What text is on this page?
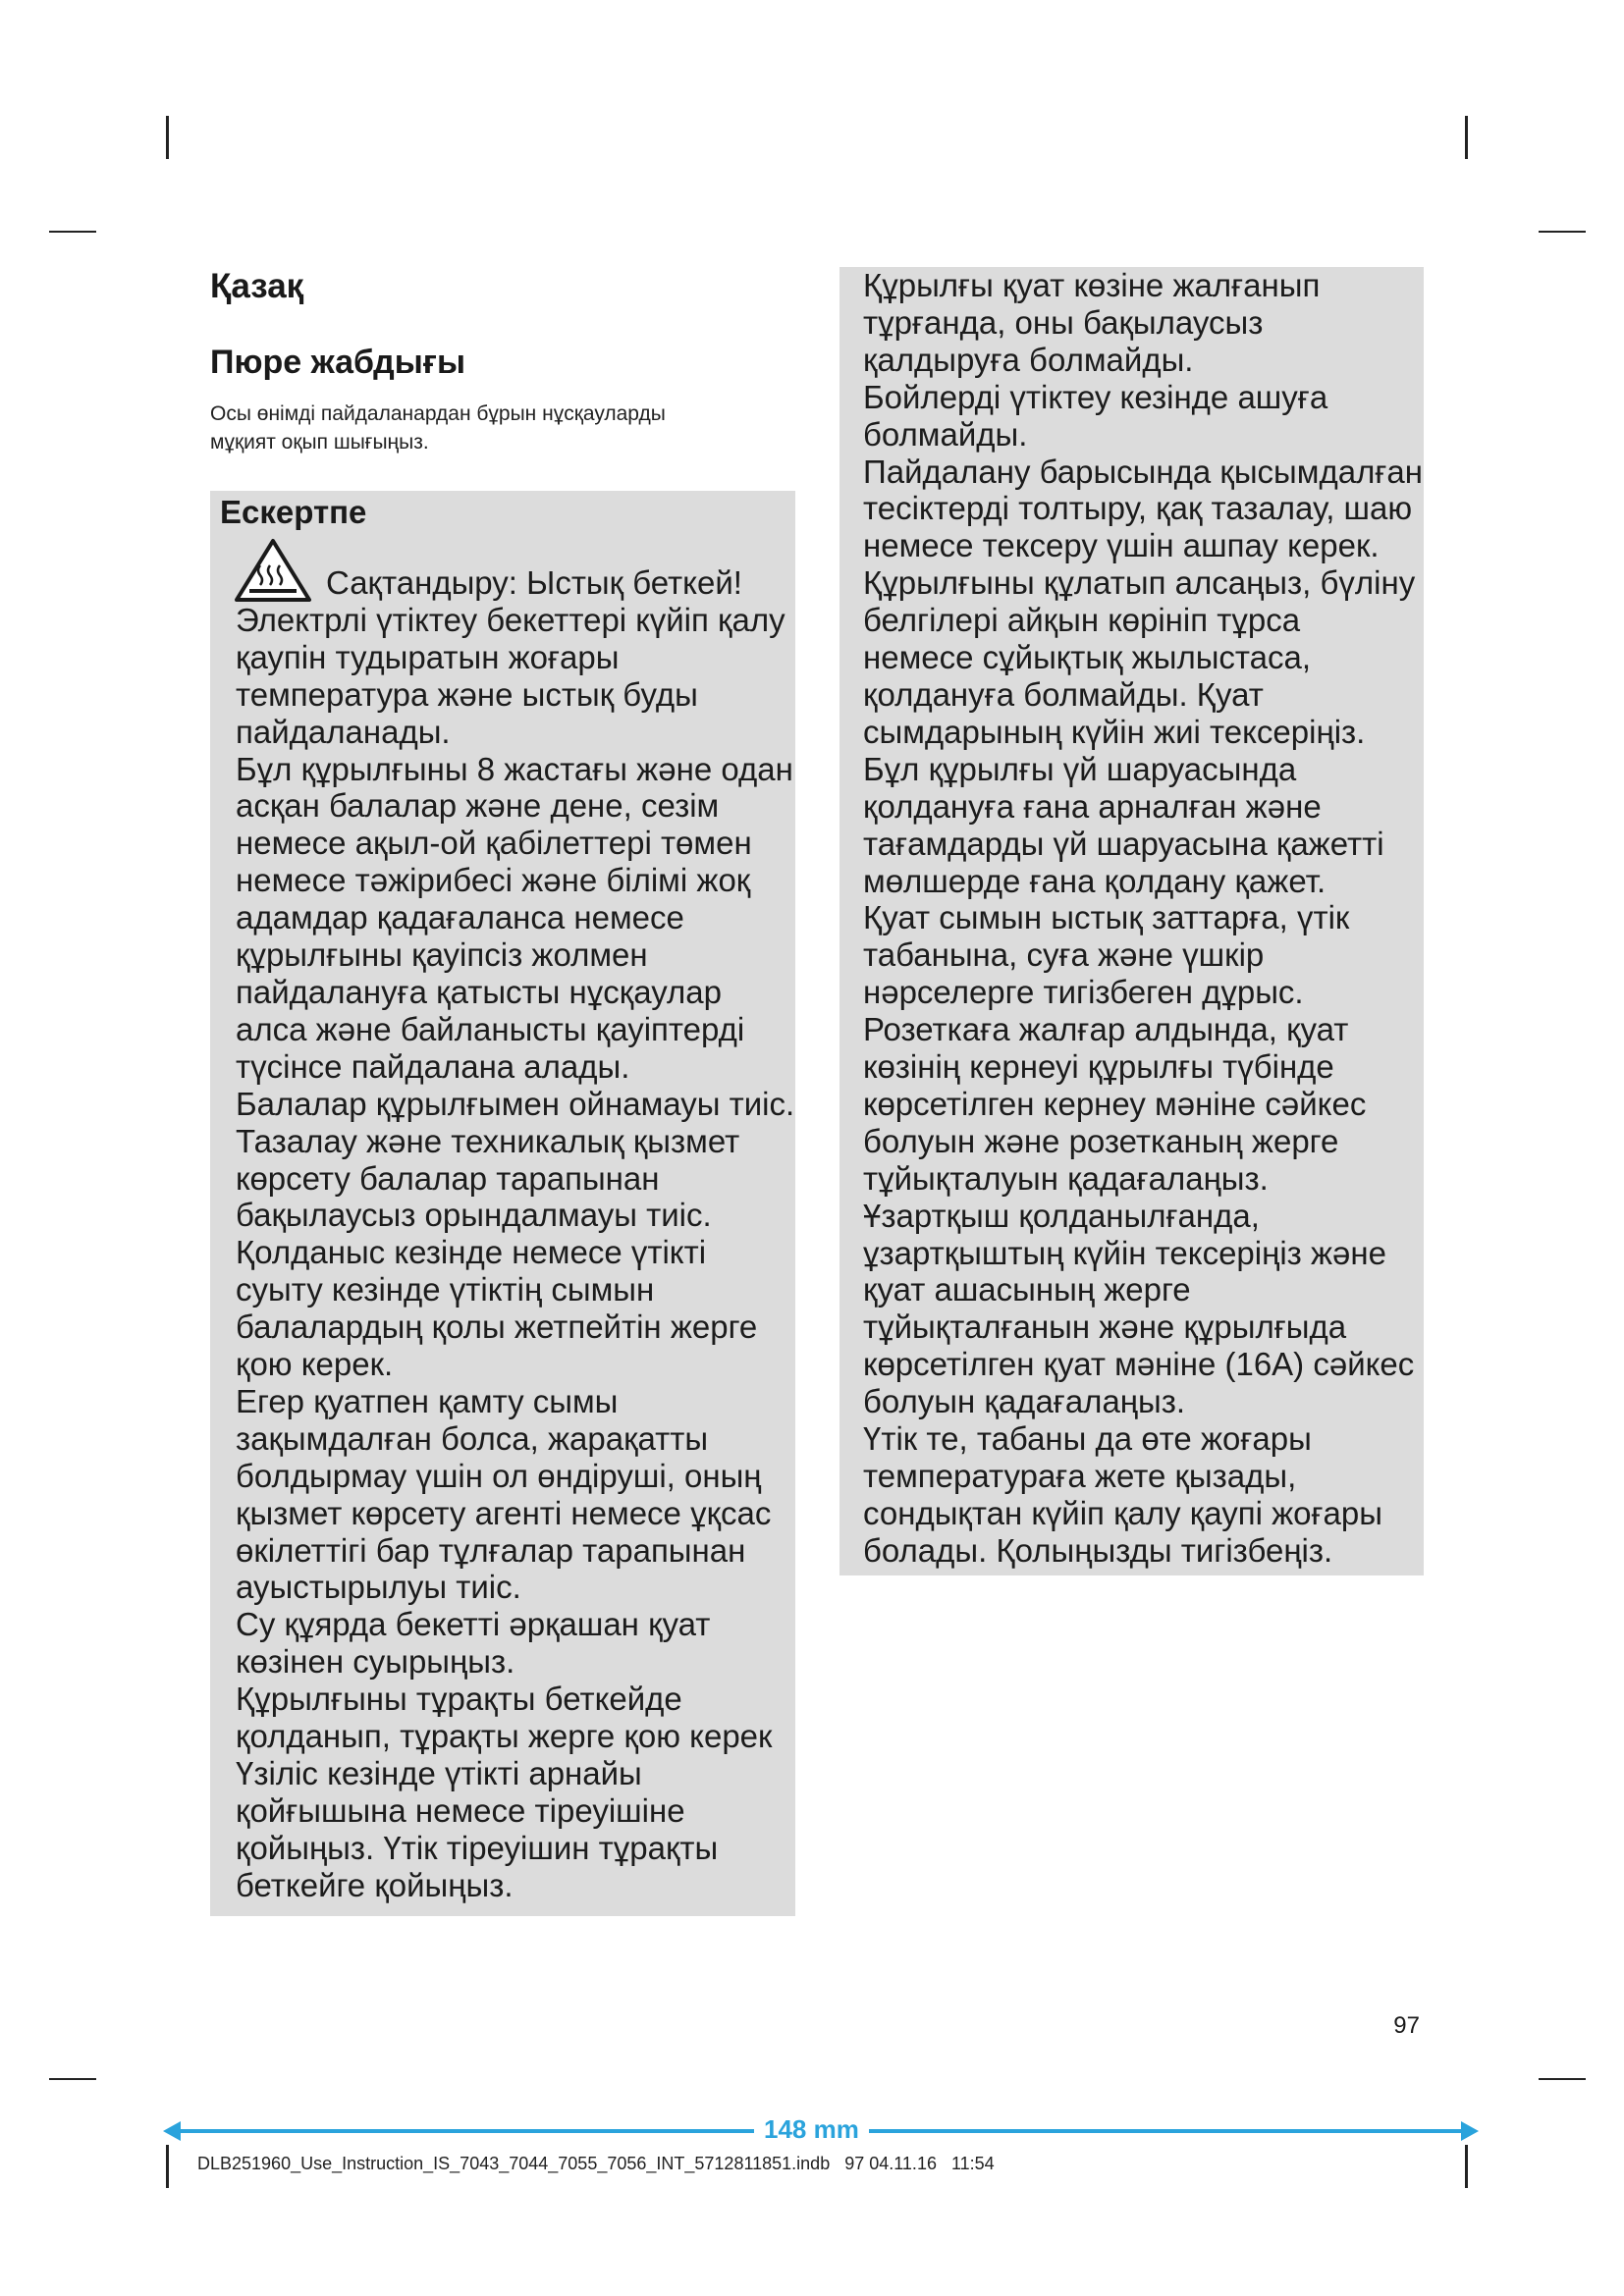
Қазақ
Пюре жабдығы

Осы өнімді пайдаланардан бұрын нұсқауларды
мұқият оқып шығыңыз.

Ескертпе

Сақтандыру: Ыстық беткей!

Электрлі үтіктеу бекеттері күйіп қалу

қаупін тудыратын жоғары

температура және ыстық буды

пайдаланады.

Бұл құрылғыны 8 жастағы және одан

асқан балалар және дене, сезім

немесе ақыл-ой қабілеттері төмен

немесе тәжірибесі және білімі жоқ

адамдар қадағаланса немесе

құрылғыны қауіпсіз жолмен

пайдалануға қатысты нұсқаулар

алса және байланысты қауіптерді

түсінсе пайдалана алады.

Балалар құрылғымен ойнамауы тиіс.

Тазалау және техникалық қызмет

көрсету балалар тарапынан

бақылаусыз орындалмауы тиіс.

Қолданыс кезінде немесе үтікті

суыту кезінде үтіктің сымын

балалардың қолы жетпейтін жерге

қою керек.

Егер қуатпен қамту сымы

зақымдалған болса, жарақатты

болдырмау үшін ол өндіруші, оның

қызмет көрсету агенті немесе ұқсас

өкілеттігі бар тұлғалар тарапынан

ауыстырылуы тиіс.

Су құярда бекетті әрқашан қуат

көзінен суырыңыз.

Құрылғыны тұрақты беткейде

қолданып, тұрақты жерге қою керек

Үзіліс кезінде үтікті арнайы

қойғышына немесе тіреуішіне

қойыңыз. Үтік тіреуішин тұрақты

беткейге қойыңыз.

Құрылғы қуат көзіне жалғанып

тұрғанда, оны бақылаусыз

қалдыруға болмайды.

Бойлерді үтіктеу кезінде ашуға

болмайды.

Пайдалану барысында қысымдалған

тесіктерді толтыру, қақ тазалау, шаю

немесе тексеру үшін ашпау керек.

Құрылғыны құлатып алсаңыз, бүліну

белгілері айқын көрініп тұрса

немесе сұйықтық жылыстаса,

қолдануға болмайды. Қуат

сымдарының күйін жиі тексеріңіз.

Бұл құрылғы үй шаруасында

қолдануға ғана арналған және

тағамдарды үй шаруасына қажетті

мөлшерде ғана қолдану қажет.

Қуат сымын ыстық заттарға, үтік

табанына, суға және үшкір

нәрселерге тигізбеген дұрыс.

Розеткаға жалғар алдында, қуат

көзінің кернеуі құрылғы түбінде

көрсетілген кернеу мәніне сәйкес

болуын және розетканың жерге

тұйықталуын қадағалаңыз.

Ұзартқыш қолданылғанда,

ұзартқыштың күйін тексеріңіз және

қуат ашасының жерге

тұйықталғанын және құрылғыда

көрсетілген қуат мәніне (16А) сәйкес

болуын қадағалаңыз.

Үтік те, табаны да өте жоғары

температураға жете қызады,

сондықтан күйіп қалу қаупі жоғары

болады. Қолыңызды тигізбеңіз.

97

148 mm

DLB251960_Use_Instruction_IS_7043_7044_7055_7056_INT_5712811851.indb   97 04.11.16   11:54
